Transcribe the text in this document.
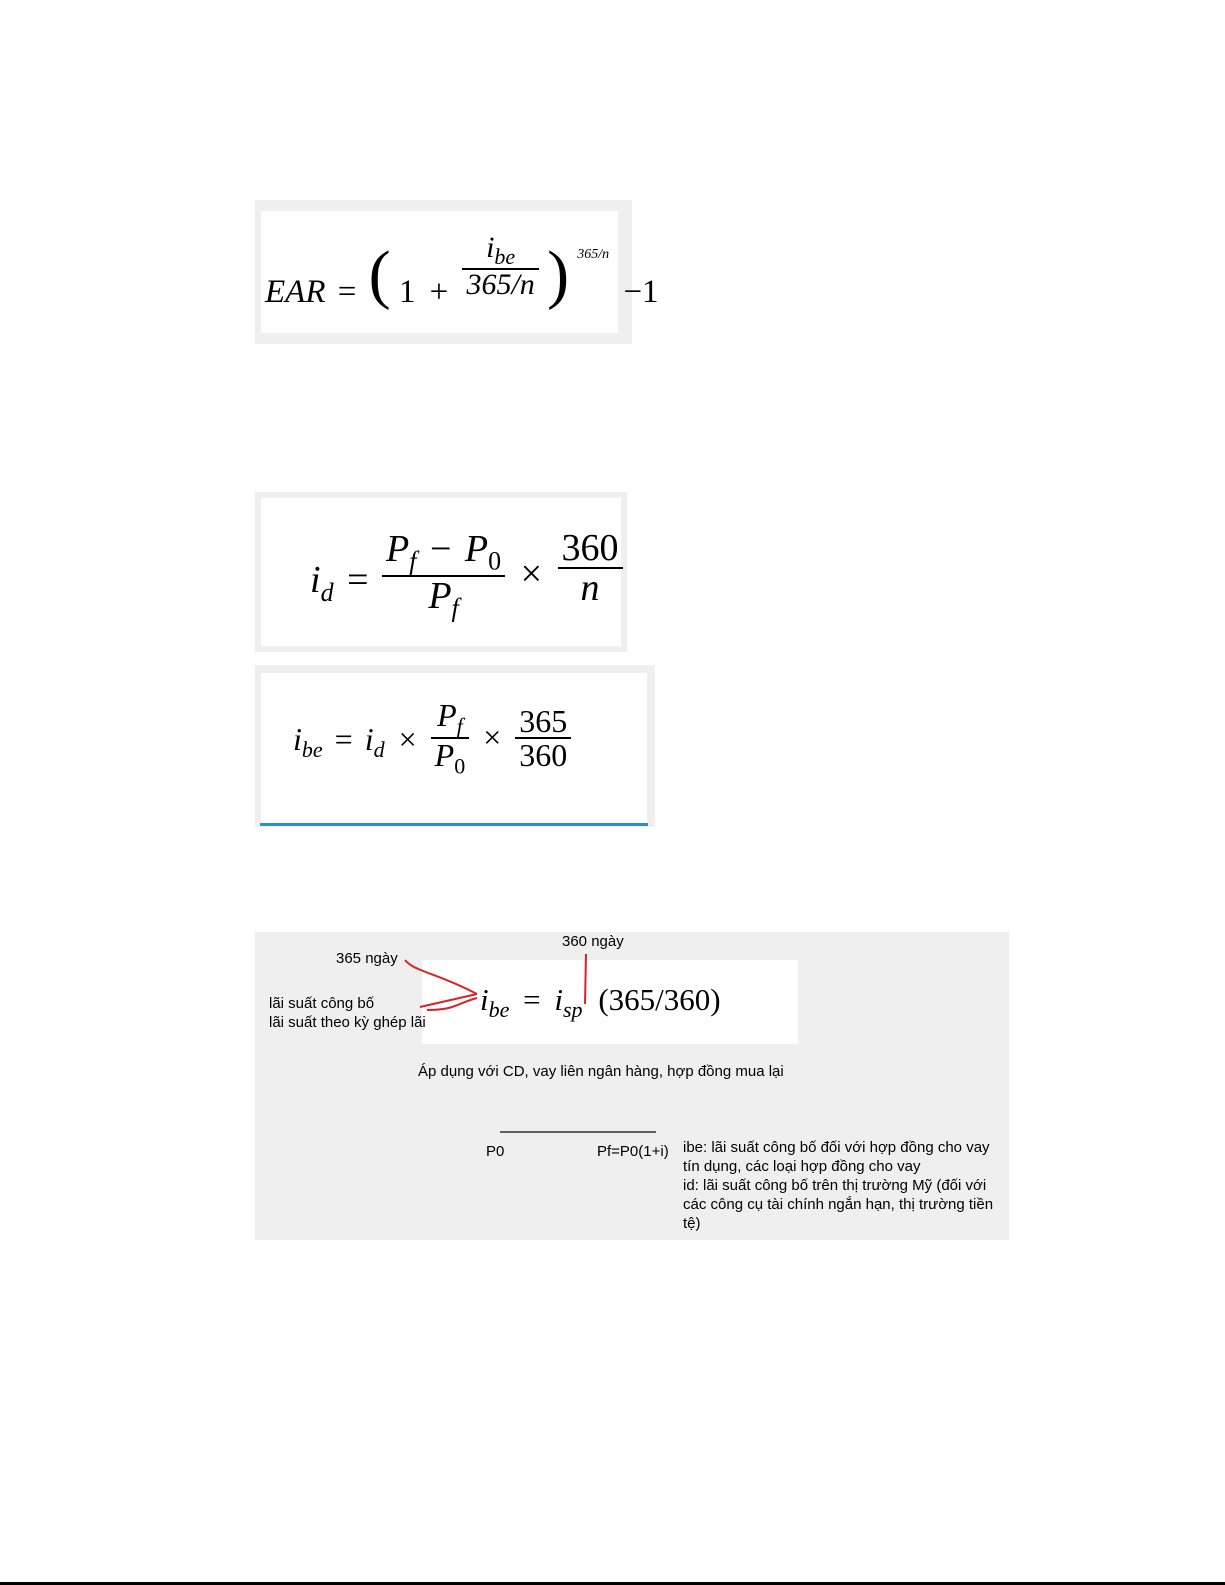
EAR = ( $1 + \frac{i_{be}}{365/n}$ ) $^{365/n}$ −1
$i_d = \frac{P_f - P_0}{P_f} \times \frac{360}{n}$
$i_{be} = i_d \times \frac{P_f}{P_0} \times \frac{365}{360}$
$i_{be} = i_{sp}$ (365/360)
360 ngày
365 ngày
lãi suất công bố
lãi suất theo kỳ ghép lãi
Áp dụng với CD, vay liên ngân hàng, hợp đồng mua lại
P0	Pf=P0(1+i) ibe: lãi suất công bố đối với hợp đồng cho vay tín dụng, các loại hợp đồng cho vay
id: lãi suất công bố trên thị trường Mỹ (đối với các công cụ tài chính ngắn hạn, thị trường tiền tệ)
